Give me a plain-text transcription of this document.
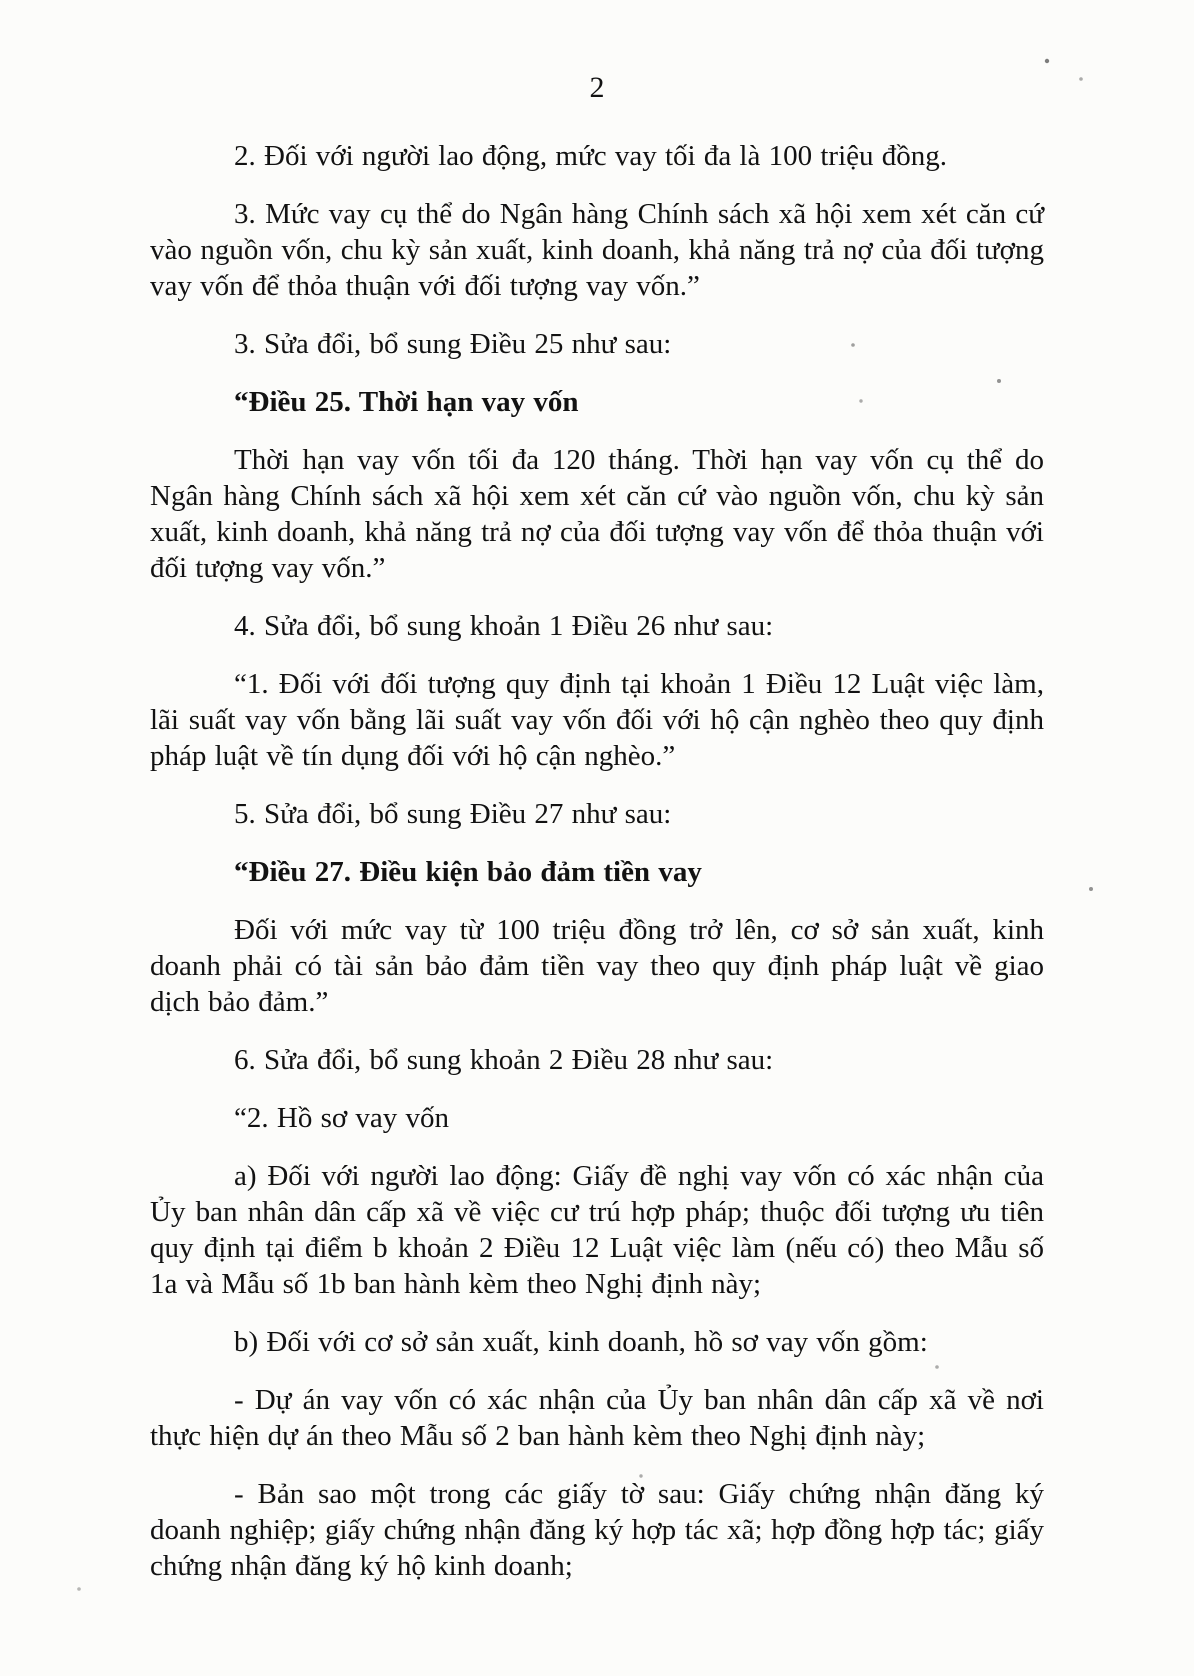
2

2. Đối với người lao động, mức vay tối đa là 100 triệu đồng.

3. Mức vay cụ thể do Ngân hàng Chính sách xã hội xem xét căn cứ vào nguồn vốn, chu kỳ sản xuất, kinh doanh, khả năng trả nợ của đối tượng vay vốn để thỏa thuận với đối tượng vay vốn.”

3. Sửa đổi, bổ sung Điều 25 như sau:

“Điều 25. Thời hạn vay vốn

Thời hạn vay vốn tối đa 120 tháng. Thời hạn vay vốn cụ thể do Ngân hàng Chính sách xã hội xem xét căn cứ vào nguồn vốn, chu kỳ sản xuất, kinh doanh, khả năng trả nợ của đối tượng vay vốn để thỏa thuận với đối tượng vay vốn.”

4. Sửa đổi, bổ sung khoản 1 Điều 26 như sau:

“1. Đối với đối tượng quy định tại khoản 1 Điều 12 Luật việc làm, lãi suất vay vốn bằng lãi suất vay vốn đối với hộ cận nghèo theo quy định pháp luật về tín dụng đối với hộ cận nghèo.”

5. Sửa đổi, bổ sung Điều 27 như sau:

“Điều 27. Điều kiện bảo đảm tiền vay

Đối với mức vay từ 100 triệu đồng trở lên, cơ sở sản xuất, kinh doanh phải có tài sản bảo đảm tiền vay theo quy định pháp luật về giao dịch bảo đảm.”

6. Sửa đổi, bổ sung khoản 2 Điều 28 như sau:

“2. Hồ sơ vay vốn

a) Đối với người lao động: Giấy đề nghị vay vốn có xác nhận của Ủy ban nhân dân cấp xã về việc cư trú hợp pháp; thuộc đối tượng ưu tiên quy định tại điểm b khoản 2 Điều 12 Luật việc làm (nếu có) theo Mẫu số 1a và Mẫu số 1b ban hành kèm theo Nghị định này;

b) Đối với cơ sở sản xuất, kinh doanh, hồ sơ vay vốn gồm:

- Dự án vay vốn có xác nhận của Ủy ban nhân dân cấp xã về nơi thực hiện dự án theo Mẫu số 2 ban hành kèm theo Nghị định này;

- Bản sao một trong các giấy tờ sau: Giấy chứng nhận đăng ký doanh nghiệp; giấy chứng nhận đăng ký hợp tác xã; hợp đồng hợp tác; giấy chứng nhận đăng ký hộ kinh doanh;
